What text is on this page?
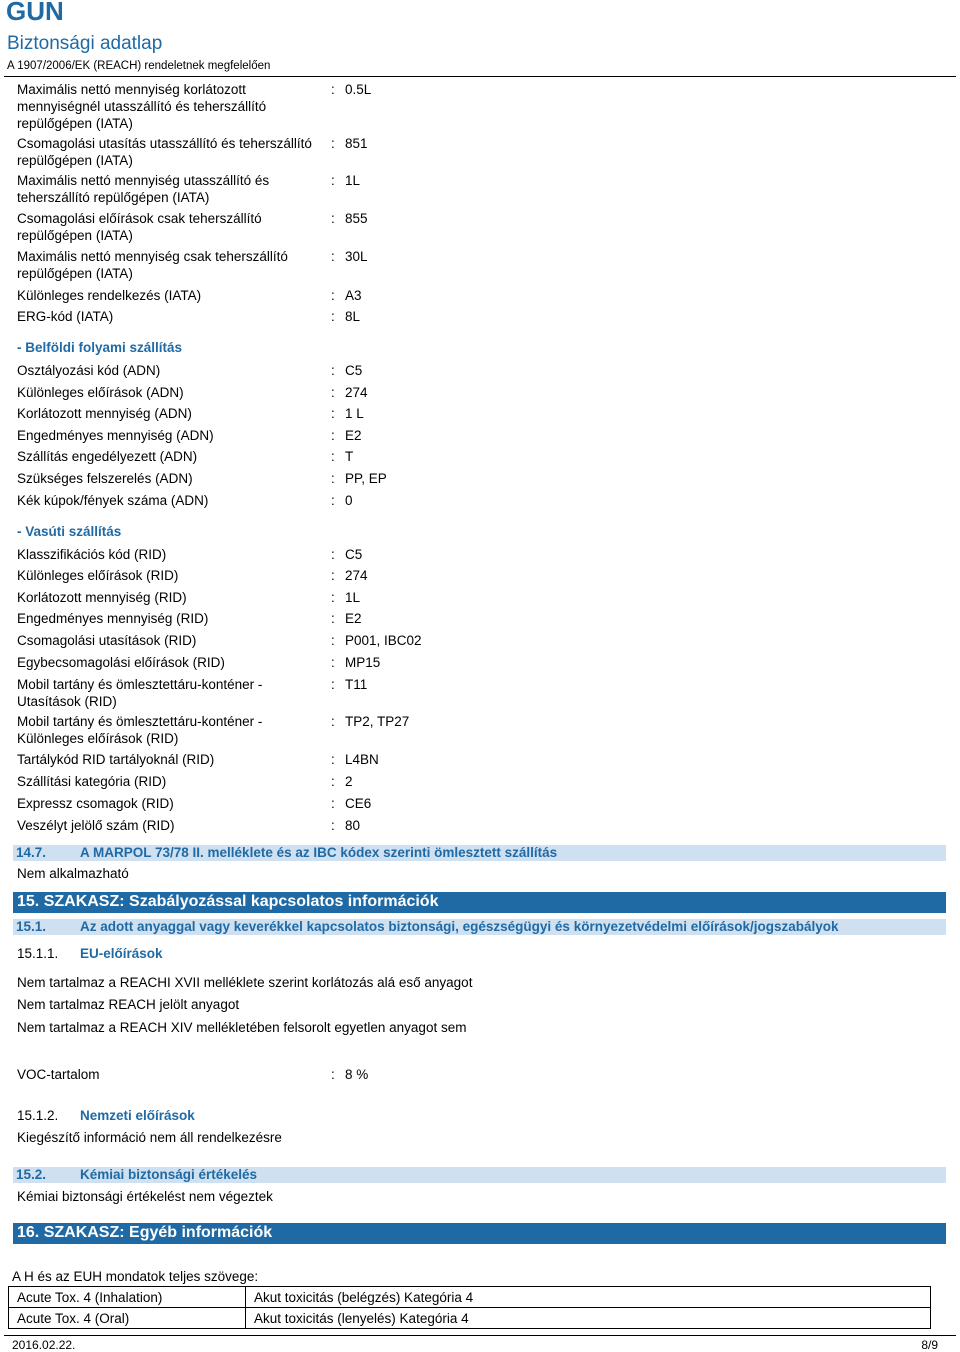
GUN
Biztonsági adatlap
A 1907/2006/EK (REACH) rendeletnek megfelelően
Maximális nettó mennyiség korlátozott mennyiségnél utasszállító és teherszállító repülőgépen (IATA)
: 0.5L
Csomagolási utasítás utasszállító és teherszállító repülőgépen (IATA)
: 851
Maximális nettó mennyiség utasszállító és teherszállító repülőgépen (IATA)
: 1L
Csomagolási előírások csak teherszállító repülőgépen (IATA)
: 855
Maximális nettó mennyiség csak teherszállító repülőgépen (IATA)
: 30L
Különleges rendelkezés (IATA)	: A3
ERG-kód (IATA)	: 8L
- Belföldi folyami szállítás
Osztályozási kód (ADN)	: C5
Különleges előírások (ADN)	: 274
Korlátozott mennyiség (ADN)	: 1 L
Engedményes mennyiség (ADN)	: E2
Szállítás engedélyezett (ADN)	: T
Szükséges felszerelés (ADN)	: PP, EP
Kék kúpok/fények száma (ADN)	: 0
- Vasúti szállítás
Klasszifikációs kód (RID)	: C5
Különleges előírások (RID)	: 274
Korlátozott mennyiség (RID)	: 1L
Engedményes mennyiség (RID)	: E2
Csomagolási utasítások (RID)	: P001, IBC02
Egybecsomagolási előírások (RID)	: MP15
Mobil tartány és ömlesztettáru-konténer - Utasítások (RID)
: T11
Mobil tartány és ömlesztettáru-konténer - Különleges előírások (RID)
: TP2, TP27
Tartálykód RID tartályoknál (RID)	: L4BN
Szállítási kategória (RID)	: 2
Expressz csomagok (RID)	: CE6
Veszélyt jelölő szám (RID)	: 80
14.7.	A MARPOL 73/78 II. melléklete és az IBC kódex szerinti ömlesztett szállítás
Nem alkalmazható
15. SZAKASZ: Szabályozással kapcsolatos információk
15.1.	Az adott anyaggal vagy keverékkel kapcsolatos biztonsági, egészségügyi és környezetvédelmi előírások/jogszabályok
15.1.1. EU-előírások
Nem tartalmaz a REACHI XVII melléklete szerint korlátozás alá eső anyagot
Nem tartalmaz REACH jelölt anyagot
Nem tartalmaz a REACH XIV mellékletében felsorolt egyetlen anyagot sem
VOC-tartalom	: 8 %
15.1.2. Nemzeti előírások
Kiegészítő információ nem áll rendelkezésre
15.2.	Kémiai biztonsági értékelés
Kémiai biztonsági értékelést nem végeztek
16. SZAKASZ: Egyéb információk
A H és az EUH mondatok teljes szövege:
Acute Tox. 4 (Inhalation)	Akut toxicitás (belégzés) Kategória 4
Acute Tox. 4 (Oral)	Akut toxicitás (lenyelés) Kategória 4
2016.02.22.	8/9
